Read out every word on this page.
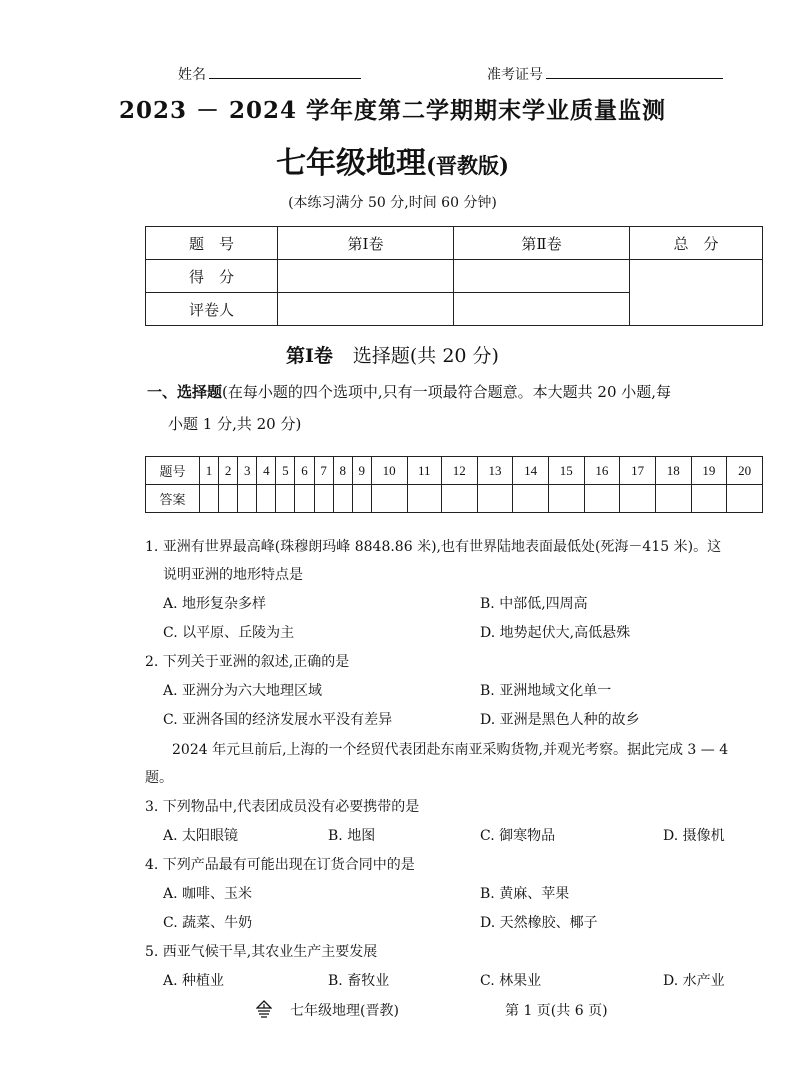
姓名	准考证号
2023 － 2024 学年度第二学期期末学业质量监测
七年级地理(晋教版)
(本练习满分 50 分,时间 60 分钟)
题　号	第Ⅰ卷	第Ⅱ卷	总　分
得　分			
评卷人			
第Ⅰ卷 选择题(共 20 分)
一、选择题(在每小题的四个选项中,只有一项最符合题意。本大题共 20 小题,每
小题 1 分,共 20 分)
题号	1	2	3	4	5	6	7	8	9	10	11	12	13	14	15	16	17	18	19	20
答案																				
1. 亚洲有世界最高峰(珠穆朗玛峰 8848.86 米),也有世界陆地表面最低处(死海－415 米)。这
说明亚洲的地形特点是
A. 地形复杂多样	B. 中部低,四周高
C. 以平原、丘陵为主	D. 地势起伏大,高低悬殊
2. 下列关于亚洲的叙述,正确的是
A. 亚洲分为六大地理区域	B. 亚洲地域文化单一
C. 亚洲各国的经济发展水平没有差异	D. 亚洲是黑色人种的故乡
2024 年元旦前后,上海的一个经贸代表团赴东南亚采购货物,并观光考察。据此完成 3 — 4
题。
3. 下列物品中,代表团成员没有必要携带的是
A. 太阳眼镜	B. 地图	C. 御寒物品	D. 摄像机
4. 下列产品最有可能出现在订货合同中的是
A. 咖啡、玉米	B. 黄麻、苹果
C. 蔬菜、牛奶	D. 天然橡胶、椰子
5. 西亚气候干旱,其农业生产主要发展
A. 种植业	B. 畜牧业	C. 林果业	D. 水产业
七年级地理(晋教)	第 1 页(共 6 页)
